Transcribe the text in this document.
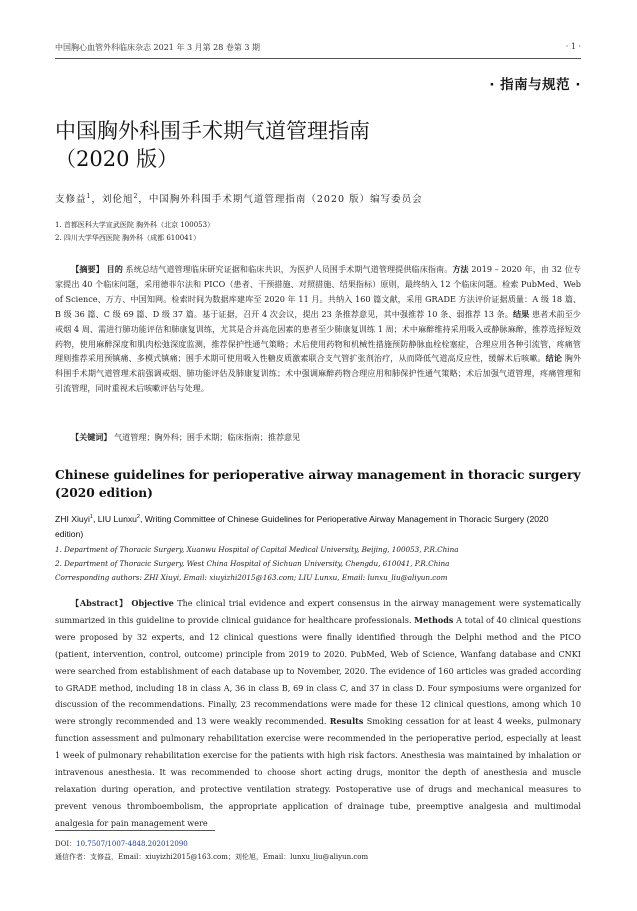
中国胸心血管外科临床杂志 2021 年 3 月第 28 卷第 3 期	· 1 ·
· 指南与规范 ·
中国胸外科围手术期气道管理指南
（2020 版）
支修益$^1$，刘伦旭$^2$，中国胸外科围手术期气道管理指南（2020 版）编写委员会
1. 首都医科大学宣武医院 胸外科（北京 100053）
2. 四川大学华西医院 胸外科（成都 610041）

【摘要】 目的 系统总结气道管理临床研究证据和临床共识，为医护人员围手术期气道管理提供临床指南。方法 2019 – 2020 年，由 32 位专家提出 40 个临床问题，采用德菲尔法和 PICO（患者、干预措施、对照措施、结果指标）原则，最终纳入 12 个临床问题。检索 PubMed、Web of Science、万方、中国知网。检索时间为数据库建库至 2020 年 11 月。共纳入 160 篇文献，采用 GRADE 方法评价证据质量：A 级 18 篇、B 级 36 篇、C 级 69 篇、D 级 37 篇。基于证据，召开 4 次会议，提出 23 条推荐意见，其中强推荐 10 条、弱推荐 13 条。结果 患者术前至少戒烟 4 周、需进行肺功能评估和肺康复训练，尤其是合并高危因素的患者至少肺康复训练 1 周；术中麻醉维持采用吸入或静脉麻醉，推荐选择短效药物，使用麻醉深度和肌肉松弛深度监测，推荐保护性通气策略；术后使用药物和机械性措施预防静脉血栓栓塞症，合理应用各种引流管，疼痛管理则推荐采用预镇痛、多模式镇痛；围手术期可使用吸入性糖皮质激素联合支气管扩张剂治疗，从而降低气道高反应性，缓解术后咳嗽。结论 胸外科围手术期气道管理术前强调戒烟、肺功能评估及肺康复训练；术中强调麻醉药物合理应用和肺保护性通气策略；术后加强气道管理，疼痛管理和引流管理，同时重视术后咳嗽评估与处理。

【关键词】 气道管理；胸外科；围手术期；临床指南；推荐意见
Chinese guidelines for perioperative airway management in thoracic surgery (2020 edition)
ZHI Xiuyi$^1$, LIU Lunxu$^2$, Writing Committee of Chinese Guidelines for Perioperative Airway Management in Thoracic Surgery (2020 edition)
1. Department of Thoracic Surgery, Xuanwu Hospital of Capital Medical University, Beijing, 100053, P.R.China
2. Department of Thoracic Surgery, West China Hospital of Sichuan University, Chengdu, 610041, P.R.China
Corresponding authors: ZHI Xiuyi, Email: xiuyizhi2015@163.com; LIU Lunxu, Email: lunxu_liu@aliyun.com

【Abstract】 Objective The clinical trial evidence and expert consensus in the airway management were systematically summarized in this guideline to provide clinical guidance for healthcare professionals. Methods A total of 40 clinical questions were proposed by 32 experts, and 12 clinical questions were finally identified through the Delphi method and the PICO (patient, intervention, control, outcome) principle from 2019 to 2020. PubMed, Web of Science, Wanfang database and CNKI were searched from establishment of each database up to November, 2020. The evidence of 160 articles was graded according to GRADE method, including 18 in class A, 36 in class B, 69 in class C, and 37 in class D. Four symposiums were organized for discussion of the recommendations. Finally, 23 recommendations were made for these 12 clinical questions, among which 10 were strongly recommended and 13 were weakly recommended. Results Smoking cessation for at least 4 weeks, pulmonary function assessment and pulmonary rehabilitation exercise were recommended in the perioperative period, especially at least 1 week of pulmonary rehabilitation exercise for the patients with high risk factors. Anesthesia was maintained by inhalation or intravenous anesthesia. It was recommended to choose short acting drugs, monitor the depth of anesthesia and muscle relaxation during operation, and protective ventilation strategy. Postoperative use of drugs and mechanical measures to prevent venous thromboembolism, the appropriate application of drainage tube, preemptive analgesia and multimodal analgesia for pain management were

DOI：10.7507/1007-4848.202012090
通信作者：支修益，Email：xiuyizhi2015@163.com；刘伦旭，Email：lunxu_liu@aliyun.com
